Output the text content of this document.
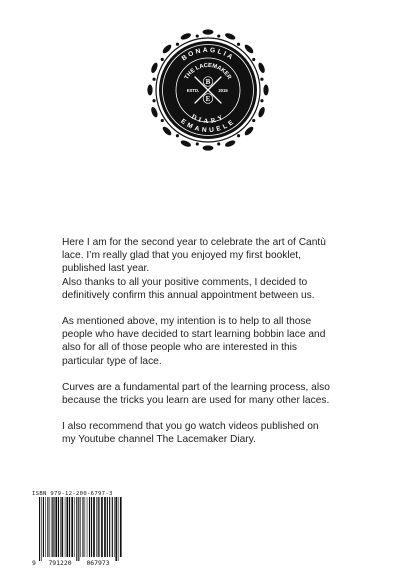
BONAGLIA
EMANUELE
THE LACEMAKER
B
E
ESTD.	2015
DIARY

Here I am for the second year to celebrate the art of Cantù

lace. I’m really glad that you enjoyed my first booklet,

published last year.

Also thanks to all your positive comments, I decided to

definitively confirm this annual appointment between us.

As mentioned above, my intention is to help to all those

people who have decided to start learning bobbin lace and

also for all of those people who are interested in this

particular type of lace.

Curves are a fundamental part of the learning process, also

because the tricks you learn are used for many other laces.

I also recommend that you go watch videos published on

my Youtube channel The Lacemaker Diary.

ISBN 979-12-200-6797-3
9 791220 067973
